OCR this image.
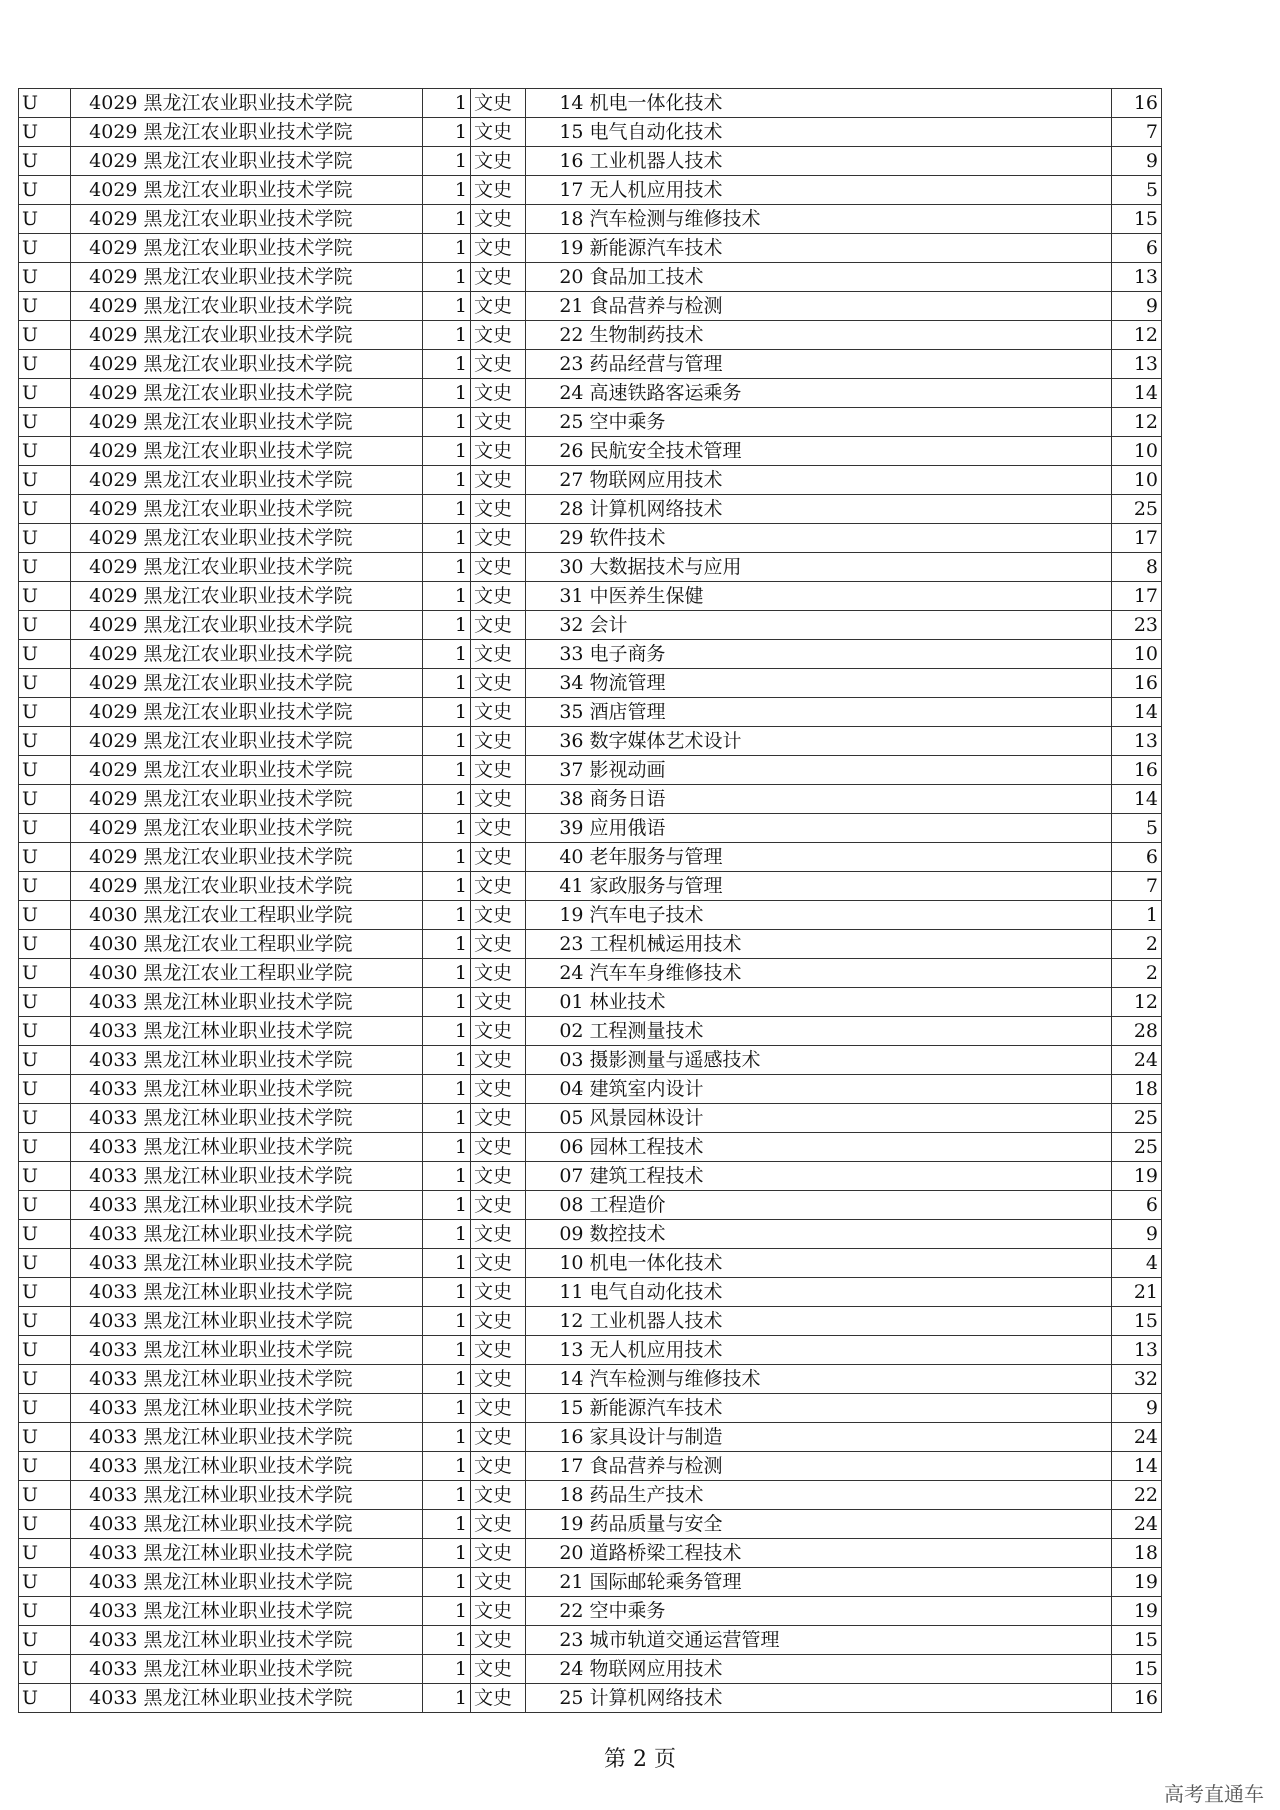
U	4029	黑龙江农业职业技术学院	1	文史	14	机电一体化技术	16
U	4029	黑龙江农业职业技术学院	1	文史	15	电气自动化技术	7
U	4029	黑龙江农业职业技术学院	1	文史	16	工业机器人技术	9
U	4029	黑龙江农业职业技术学院	1	文史	17	无人机应用技术	5
U	4029	黑龙江农业职业技术学院	1	文史	18	汽车检测与维修技术	15
U	4029	黑龙江农业职业技术学院	1	文史	19	新能源汽车技术	6
U	4029	黑龙江农业职业技术学院	1	文史	20	食品加工技术	13
U	4029	黑龙江农业职业技术学院	1	文史	21	食品营养与检测	9
U	4029	黑龙江农业职业技术学院	1	文史	22	生物制药技术	12
U	4029	黑龙江农业职业技术学院	1	文史	23	药品经营与管理	13
U	4029	黑龙江农业职业技术学院	1	文史	24	高速铁路客运乘务	14
U	4029	黑龙江农业职业技术学院	1	文史	25	空中乘务	12
U	4029	黑龙江农业职业技术学院	1	文史	26	民航安全技术管理	10
U	4029	黑龙江农业职业技术学院	1	文史	27	物联网应用技术	10
U	4029	黑龙江农业职业技术学院	1	文史	28	计算机网络技术	25
U	4029	黑龙江农业职业技术学院	1	文史	29	软件技术	17
U	4029	黑龙江农业职业技术学院	1	文史	30	大数据技术与应用	8
U	4029	黑龙江农业职业技术学院	1	文史	31	中医养生保健	17
U	4029	黑龙江农业职业技术学院	1	文史	32	会计	23
U	4029	黑龙江农业职业技术学院	1	文史	33	电子商务	10
U	4029	黑龙江农业职业技术学院	1	文史	34	物流管理	16
U	4029	黑龙江农业职业技术学院	1	文史	35	酒店管理	14
U	4029	黑龙江农业职业技术学院	1	文史	36	数字媒体艺术设计	13
U	4029	黑龙江农业职业技术学院	1	文史	37	影视动画	16
U	4029	黑龙江农业职业技术学院	1	文史	38	商务日语	14
U	4029	黑龙江农业职业技术学院	1	文史	39	应用俄语	5
U	4029	黑龙江农业职业技术学院	1	文史	40	老年服务与管理	6
U	4029	黑龙江农业职业技术学院	1	文史	41	家政服务与管理	7
U	4030	黑龙江农业工程职业学院	1	文史	19	汽车电子技术	1
U	4030	黑龙江农业工程职业学院	1	文史	23	工程机械运用技术	2
U	4030	黑龙江农业工程职业学院	1	文史	24	汽车车身维修技术	2
U	4033	黑龙江林业职业技术学院	1	文史	01	林业技术	12
U	4033	黑龙江林业职业技术学院	1	文史	02	工程测量技术	28
U	4033	黑龙江林业职业技术学院	1	文史	03	摄影测量与遥感技术	24
U	4033	黑龙江林业职业技术学院	1	文史	04	建筑室内设计	18
U	4033	黑龙江林业职业技术学院	1	文史	05	风景园林设计	25
U	4033	黑龙江林业职业技术学院	1	文史	06	园林工程技术	25
U	4033	黑龙江林业职业技术学院	1	文史	07	建筑工程技术	19
U	4033	黑龙江林业职业技术学院	1	文史	08	工程造价	6
U	4033	黑龙江林业职业技术学院	1	文史	09	数控技术	9
U	4033	黑龙江林业职业技术学院	1	文史	10	机电一体化技术	4
U	4033	黑龙江林业职业技术学院	1	文史	11	电气自动化技术	21
U	4033	黑龙江林业职业技术学院	1	文史	12	工业机器人技术	15
U	4033	黑龙江林业职业技术学院	1	文史	13	无人机应用技术	13
U	4033	黑龙江林业职业技术学院	1	文史	14	汽车检测与维修技术	32
U	4033	黑龙江林业职业技术学院	1	文史	15	新能源汽车技术	9
U	4033	黑龙江林业职业技术学院	1	文史	16	家具设计与制造	24
U	4033	黑龙江林业职业技术学院	1	文史	17	食品营养与检测	14
U	4033	黑龙江林业职业技术学院	1	文史	18	药品生产技术	22
U	4033	黑龙江林业职业技术学院	1	文史	19	药品质量与安全	24
U	4033	黑龙江林业职业技术学院	1	文史	20	道路桥梁工程技术	18
U	4033	黑龙江林业职业技术学院	1	文史	21	国际邮轮乘务管理	19
U	4033	黑龙江林业职业技术学院	1	文史	22	空中乘务	19
U	4033	黑龙江林业职业技术学院	1	文史	23	城市轨道交通运营管理	15
U	4033	黑龙江林业职业技术学院	1	文史	24	物联网应用技术	15
U	4033	黑龙江林业职业技术学院	1	文史	25	计算机网络技术	16
第 2 页
高考直通车
